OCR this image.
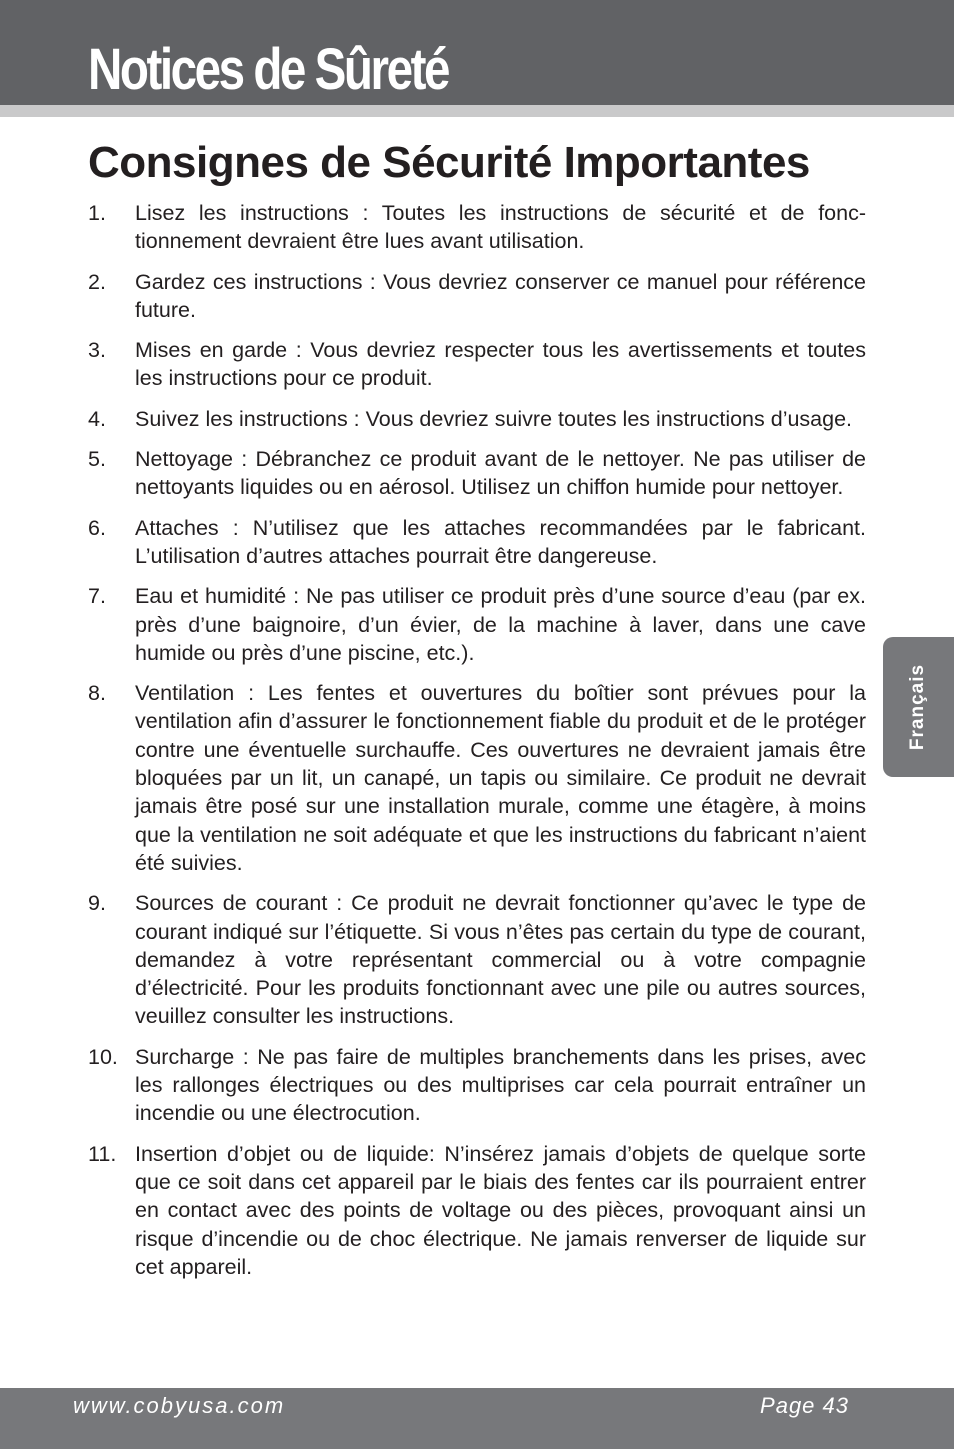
Notices de Sûreté
Consignes de Sécurité Importantes
1.	Lisez les instructions : Toutes les instructions de sécurité et de fonctionnement devraient être lues avant utilisation.
2.	Gardez ces instructions : Vous devriez conserver ce manuel pour référence future.
3.	Mises en garde : Vous devriez respecter tous les avertissements et toutes les instructions pour ce produit.
4.	Suivez les instructions : Vous devriez suivre toutes les instructions d’usage.
5.	Nettoyage : Débranchez ce produit avant de le nettoyer. Ne pas utiliser de nettoyants liquides ou en aérosol. Utilisez un chiffon humide pour nettoyer.
6.	Attaches : N’utilisez que les attaches recommandées par le fabricant. L’utilisation d’autres attaches pourrait être dangereuse.
7.	Eau et humidité : Ne pas utiliser ce produit près d’une source d’eau (par ex. près d’une baignoire, d’un évier, de la machine à laver, dans une cave humide ou près d’une piscine, etc.).
8.	Ventilation : Les fentes et ouvertures du boîtier sont prévues pour la ventilation afin d’assurer le fonctionnement fiable du produit et de le protéger contre une éventuelle surchauffe. Ces ouvertures ne devraient jamais être bloquées par un lit, un canapé, un tapis ou similaire. Ce produit ne devrait jamais être posé sur une installation murale, comme une étagère, à moins que la ventilation ne soit adéquate et que les instructions du fabricant n’aient été suivies.
9.	Sources de courant : Ce produit ne devrait fonctionner qu’avec le type de courant indiqué sur l’étiquette. Si vous n’êtes pas certain du type de courant, demandez à votre représentant commercial ou à votre compagnie d’électricité. Pour les produits fonctionnant avec une pile ou autres sources, veuillez consulter les instructions.
10. Surcharge : Ne pas faire de multiples branchements dans les prises, avec les rallonges électriques ou des multiprises car cela pourrait entraîner un incendie ou une électrocution.
11. Insertion d’objet ou de liquide: N’insérez jamais d’objets de quelque sorte que ce soit dans cet appareil par le biais des fentes car ils pourraient entrer en contact avec des points de voltage ou des pièces, provoquant ainsi un risque d’incendie ou de choc électrique. Ne jamais renverser de liquide sur cet appareil.
Français
www.cobyusa.com	Page 43
